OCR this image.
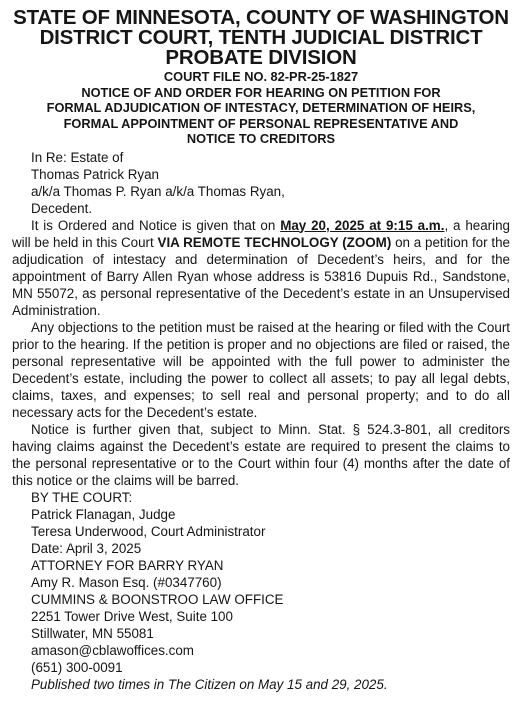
STATE OF MINNESOTA, COUNTY OF WASHINGTON
DISTRICT COURT, TENTH JUDICIAL DISTRICT
PROBATE DIVISION
COURT FILE NO. 82-PR-25-1827
NOTICE OF AND ORDER FOR HEARING ON PETITION FOR
FORMAL ADJUDICATION OF INTESTACY, DETERMINATION OF HEIRS,
FORMAL APPOINTMENT OF PERSONAL REPRESENTATIVE AND
NOTICE TO CREDITORS
In Re: Estate of
Thomas Patrick Ryan
a/k/a Thomas P. Ryan a/k/a Thomas Ryan,
Decedent.
It is Ordered and Notice is given that on May 20, 2025 at 9:15 a.m., a hearing will be held in this Court VIA REMOTE TECHNOLOGY (ZOOM) on a petition for the adjudication of intestacy and determination of Decedent’s heirs, and for the appointment of Barry Allen Ryan whose address is 53816 Dupuis Rd., Sandstone, MN 55072, as personal representative of the Decedent’s estate in an Unsupervised Administration.
Any objections to the petition must be raised at the hearing or filed with the Court prior to the hearing. If the petition is proper and no objections are filed or raised, the personal representative will be appointed with the full power to administer the Decedent’s estate, including the power to collect all assets; to pay all legal debts, claims, taxes, and expenses; to sell real and personal property; and to do all necessary acts for the Decedent’s estate.
Notice is further given that, subject to Minn. Stat. § 524.3-801, all creditors having claims against the Decedent’s estate are required to present the claims to the personal representative or to the Court within four (4) months after the date of this notice or the claims will be barred.
BY THE COURT:
Patrick Flanagan, Judge
Teresa Underwood, Court Administrator
Date: April 3, 2025
ATTORNEY FOR BARRY RYAN
Amy R. Mason Esq. (#0347760)
CUMMINS & BOONSTROO LAW OFFICE
2251 Tower Drive West, Suite 100
Stillwater, MN 55081
amason@cblawoffices.com
(651) 300-0091
Published two times in The Citizen on May 15 and 29, 2025.
